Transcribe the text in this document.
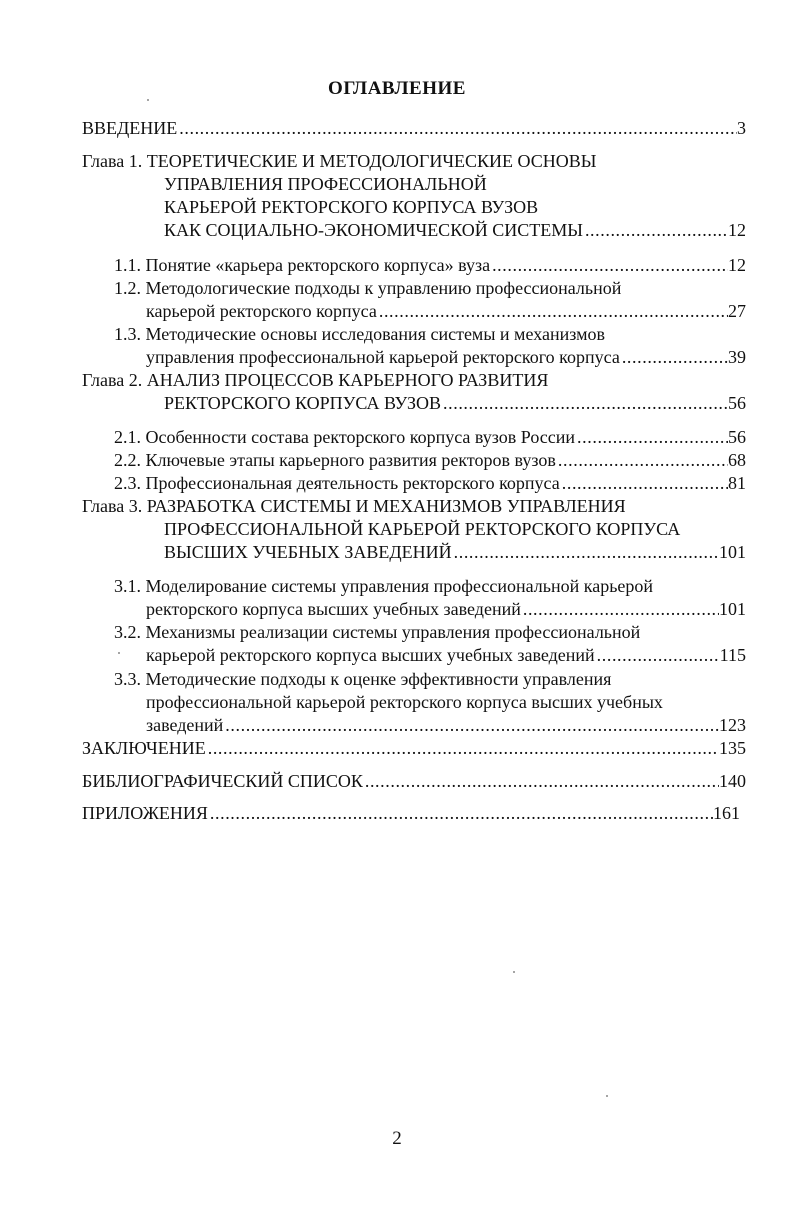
ОГЛАВЛЕНИЕ
ВВЕДЕНИЕ .....	3
Глава 1. ТЕОРЕТИЧЕСКИЕ И МЕТОДОЛОГИЧЕСКИЕ ОСНОВЫ
УПРАВЛЕНИЯ ПРОФЕССИОНАЛЬНОЙ
КАРЬЕРОЙ РЕКТОРСКОГО КОРПУСА ВУЗОВ
КАК СОЦИАЛЬНО-ЭКОНОМИЧЕСКОЙ СИСТЕМЫ .....	12
1.1. Понятие «карьера ректорского корпуса» вуза .....	12
1.2. Методологические подходы к управлению профессиональной
карьерой ректорского корпуса .....	27
1.3. Методические основы исследования системы и механизмов
управления профессиональной карьерой ректорского корпуса .....	39
Глава 2. АНАЛИЗ ПРОЦЕССОВ КАРЬЕРНОГО РАЗВИТИЯ
РЕКТОРСКОГО КОРПУСА ВУЗОВ .....	56
2.1. Особенности состава ректорского корпуса вузов России .....	56
2.2. Ключевые этапы карьерного развития ректоров вузов .....	68
2.3. Профессиональная деятельность ректорского корпуса .....	81
Глава 3. РАЗРАБОТКА СИСТЕМЫ И МЕХАНИЗМОВ УПРАВЛЕНИЯ
ПРОФЕССИОНАЛЬНОЙ КАРЬЕРОЙ РЕКТОРСКОГО КОРПУСА
ВЫСШИХ УЧЕБНЫХ ЗАВЕДЕНИЙ .....	101
3.1. Моделирование системы управления профессиональной карьерой
ректорского корпуса высших учебных заведений .....	101
3.2. Механизмы реализации системы управления профессиональной
карьерой ректорского корпуса высших учебных заведений .....	115
3.3. Методические подходы к оценке эффективности управления
профессиональной карьерой ректорского корпуса высших учебных
заведений .....	123
ЗАКЛЮЧЕНИЕ .....	135
БИБЛИОГРАФИЧЕСКИЙ СПИСОК .....	140
ПРИЛОЖЕНИЯ .....	161
2
